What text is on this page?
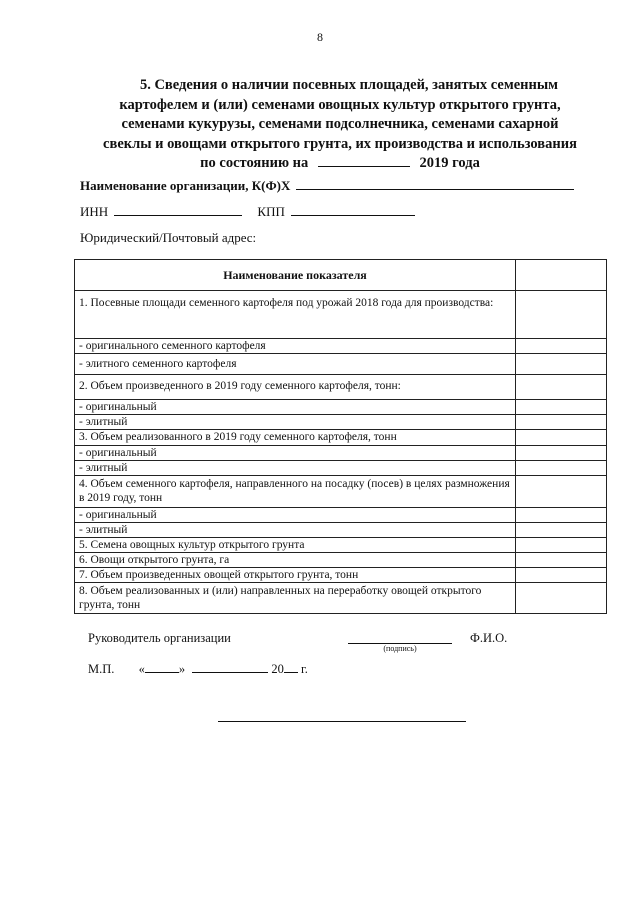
8
5. Сведения о наличии посевных площадей, занятых семенным
картофелем и (или) семенами овощных культур открытого грунта,
семенами кукурузы, семенами подсолнечника, семенами сахарной
свеклы и овощами открытого грунта, их производства и использования
по состоянию на	2019 года
Наименование организации, К(Ф)Х
ИНН	КПП
Юридический/Почтовый адрес:
Наименование показателя	
1. Посевные площади семенного картофеля под урожай 2018 года для производства:	
- оригинального семенного картофеля	
- элитного семенного картофеля	
2. Объем произведенного в 2019 году семенного картофеля, тонн:	
- оригинальный	
- элитный	
3. Объем реализованного в 2019 году семенного картофеля, тонн	
- оригинальный	
- элитный	
4. Объем семенного картофеля, направленного на посадку (посев) в целях размножения в 2019 году, тонн	
- оригинальный	
- элитный	
5. Семена овощных культур открытого грунта	
6. Овощи открытого грунта, га	
7. Объем произведенных овощей открытого грунта, тонн	
8. Объем реализованных и (или) направленных на переработку овощей открытого грунта, тонн	
Руководитель организации
(подпись)
Ф.И.О.
М.П. «	»	20 г.
